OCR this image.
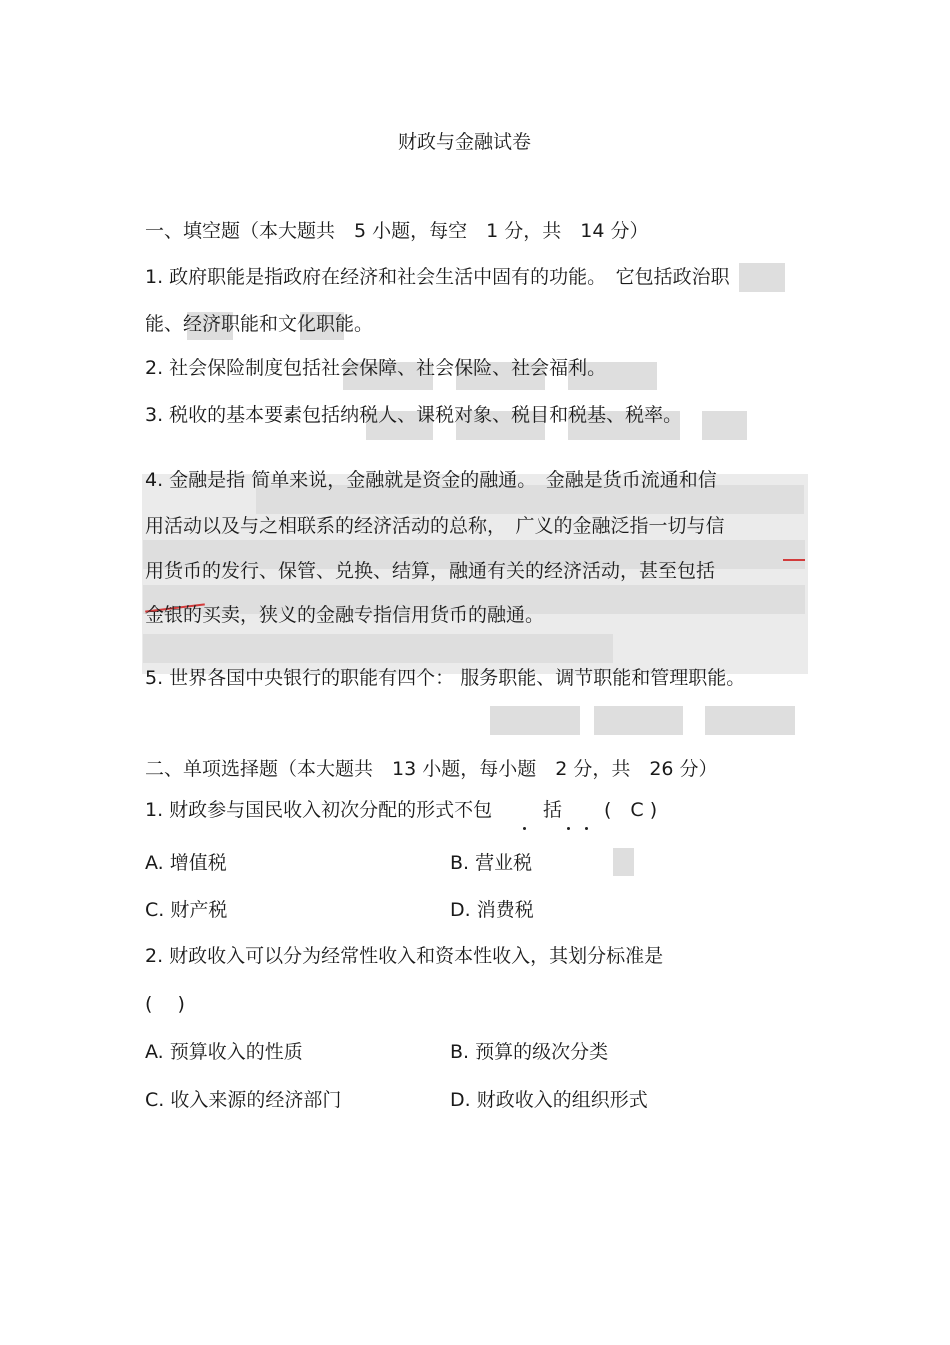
财政与金融试卷
一、填空题（本大题共　5 小题，每空　1 分，共　14 分）
1. 政府职能是指政府在经济和社会生活中固有的功能。　它包括政治职
能、经济职能和文化职能。
2. 社会保险制度包括社会保障、社会保险、社会福利。
3. 税收的基本要素包括纳税人、课税对象、税目和税基、税率。
4. 金融是指 简单来说，金融就是资金的融通。　金融是货币流通和信
用活动以及与之相联系的经济活动的总称，　广义的金融泛指一切与信
用货币的发行、保管、兑换、结算，融通有关的经济活动，甚至包括
金银的买卖，狭义的金融专指信用货币的融通。
5. 世界各国中央银行的职能有四个： 服务职能、调节职能和管理职能。
二、单项选择题（本大题共　13 小题，每小题　2 分，共　26 分）
1. 财政参与国民收入初次分配的形式不包	括 (　C )
A. 增值税	B. 营业税
C. 财产税	D. 消费税
2. 财政收入可以分为经常性收入和资本性收入，其划分标准是
(　 )
A. 预算收入的性质	B. 预算的级次分类
C. 收入来源的经济部门	D. 财政收入的组织形式
